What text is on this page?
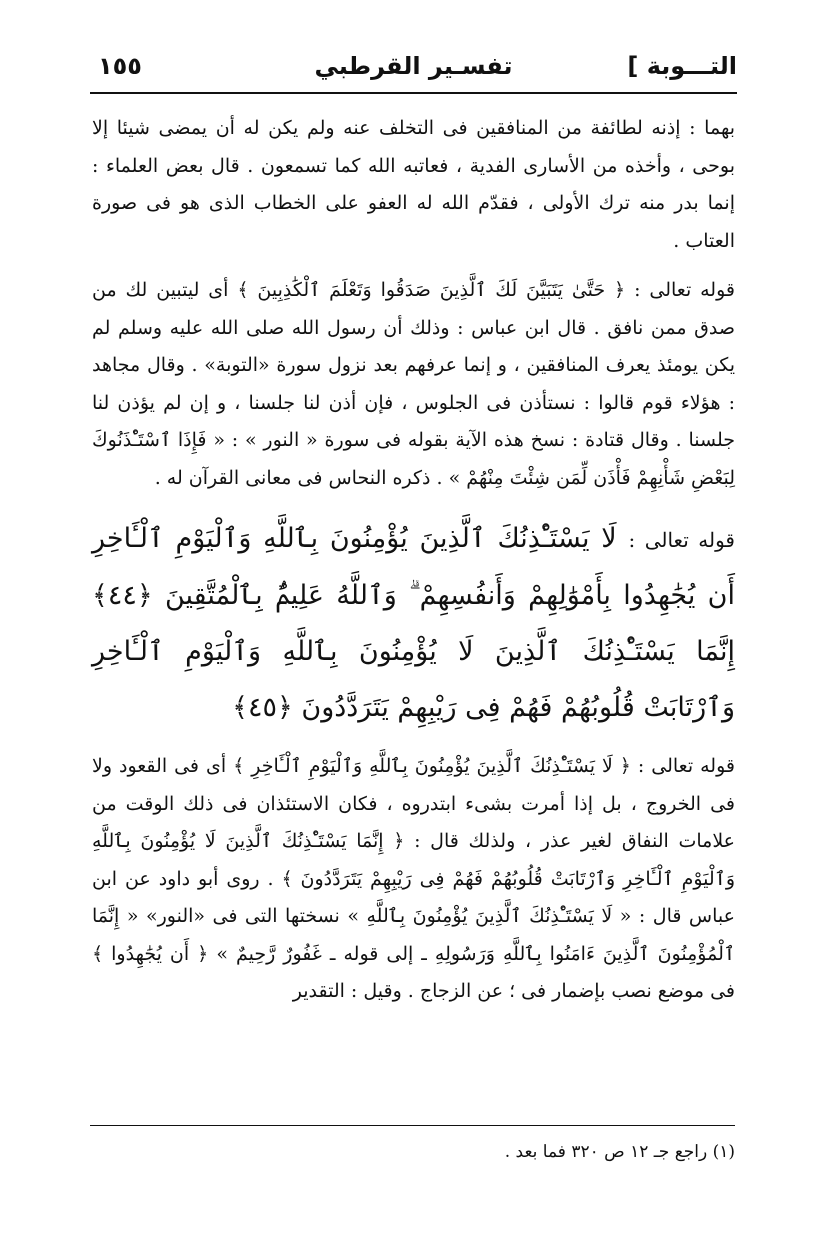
التـــوبة ]
تفسـير القرطبي
١٥٥

بهما : إذنه لطائفة من المنافقين فى التخلف عنه ولم يكن له أن يمضى شيئا إلا بوحى ، وأخذه من الأسارى الفدية ، فعاتبه الله كما تسمعون . قال بعض العلماء : إنما بدر منه ترك الأولى ، فقدّم الله له العفو على الخطاب الذى هو فى صورة العتاب .

قوله تعالى : ﴿ حَتَّىٰ يَتَبَيَّنَ لَكَ ٱلَّذِينَ صَدَقُوا وَتَعْلَمَ ٱلْكَٰذِبِينَ ﴾ أى ليتبين لك من صدق ممن نافق . قال ابن عباس : وذلك أن رسول الله صلى الله عليه وسلم لم يكن يومئذ يعرف المنافقين ، و إنما عرفهم بعد نزول سورة «التوبة» . وقال مجاهد : هؤلاء قوم قالوا : نستأذن فى الجلوس ، فإن أذن لنا جلسنا ، و إن لم يؤذن لنا جلسنا . وقال قتادة : نسخ هذه الآية بقوله فى سورة « النور » : « فَإِذَا ٱسْتَـْٔذَنُوكَ لِبَعْضِ شَأْنِهِمْ فَأْذَن لِّمَن شِئْتَ مِنْهُمْ » . ذكره النحاس فى معانى القرآن له .

قوله تعالى : لَا يَسْتَـْٔذِنُكَ ٱلَّذِينَ يُؤْمِنُونَ بِٱللَّهِ وَٱلْيَوْمِ ٱلْـَٔاخِرِ أَن يُجَٰهِدُوا بِأَمْوَٰلِهِمْ وَأَنفُسِهِمْ ۗ وَٱللَّهُ عَلِيمٌۢ بِٱلْمُتَّقِينَ ﴿٤٤﴾ إِنَّمَا يَسْتَـْٔذِنُكَ ٱلَّذِينَ لَا يُؤْمِنُونَ بِٱللَّهِ وَٱلْيَوْمِ ٱلْـَٔاخِرِ وَٱرْتَابَتْ قُلُوبُهُمْ فَهُمْ فِى رَيْبِهِمْ يَتَرَدَّدُونَ ﴿٤٥﴾

قوله تعالى : ﴿ لَا يَسْتَـْٔذِنُكَ ٱلَّذِينَ يُؤْمِنُونَ بِٱللَّهِ وَٱلْيَوْمِ ٱلْـَٔاخِرِ ﴾ أى فى القعود ولا فى الخروج ، بل إذا أمرت بشىء ابتدروه ، فكان الاستئذان فى ذلك الوقت من علامات النفاق لغير عذر ، ولذلك قال : ﴿ إِنَّمَا يَسْتَـْٔذِنُكَ ٱلَّذِينَ لَا يُؤْمِنُونَ بِٱللَّهِ وَٱلْيَوْمِ ٱلْـَٔاخِرِ وَٱرْتَابَتْ قُلُوبُهُمْ فَهُمْ فِى رَيْبِهِمْ يَتَرَدَّدُونَ ﴾ . روى أبو داود عن ابن عباس قال : « لَا يَسْتَـْٔذِنُكَ ٱلَّذِينَ يُؤْمِنُونَ بِٱللَّهِ » نسختها التى فى «النور» « إِنَّمَا ٱلْمُؤْمِنُونَ ٱلَّذِينَ ءَامَنُوا بِٱللَّهِ وَرَسُولِهِ ـ إلى قوله ـ غَفُورٌ رَّحِيمٌ » ﴿ أَن يُجَٰهِدُوا ﴾ فى موضع نصب بإضمار فى ؛ عن الزجاج . وقيل : التقدير

(١) راجع جـ ١٢ ص ٣٢٠ فما بعد .
